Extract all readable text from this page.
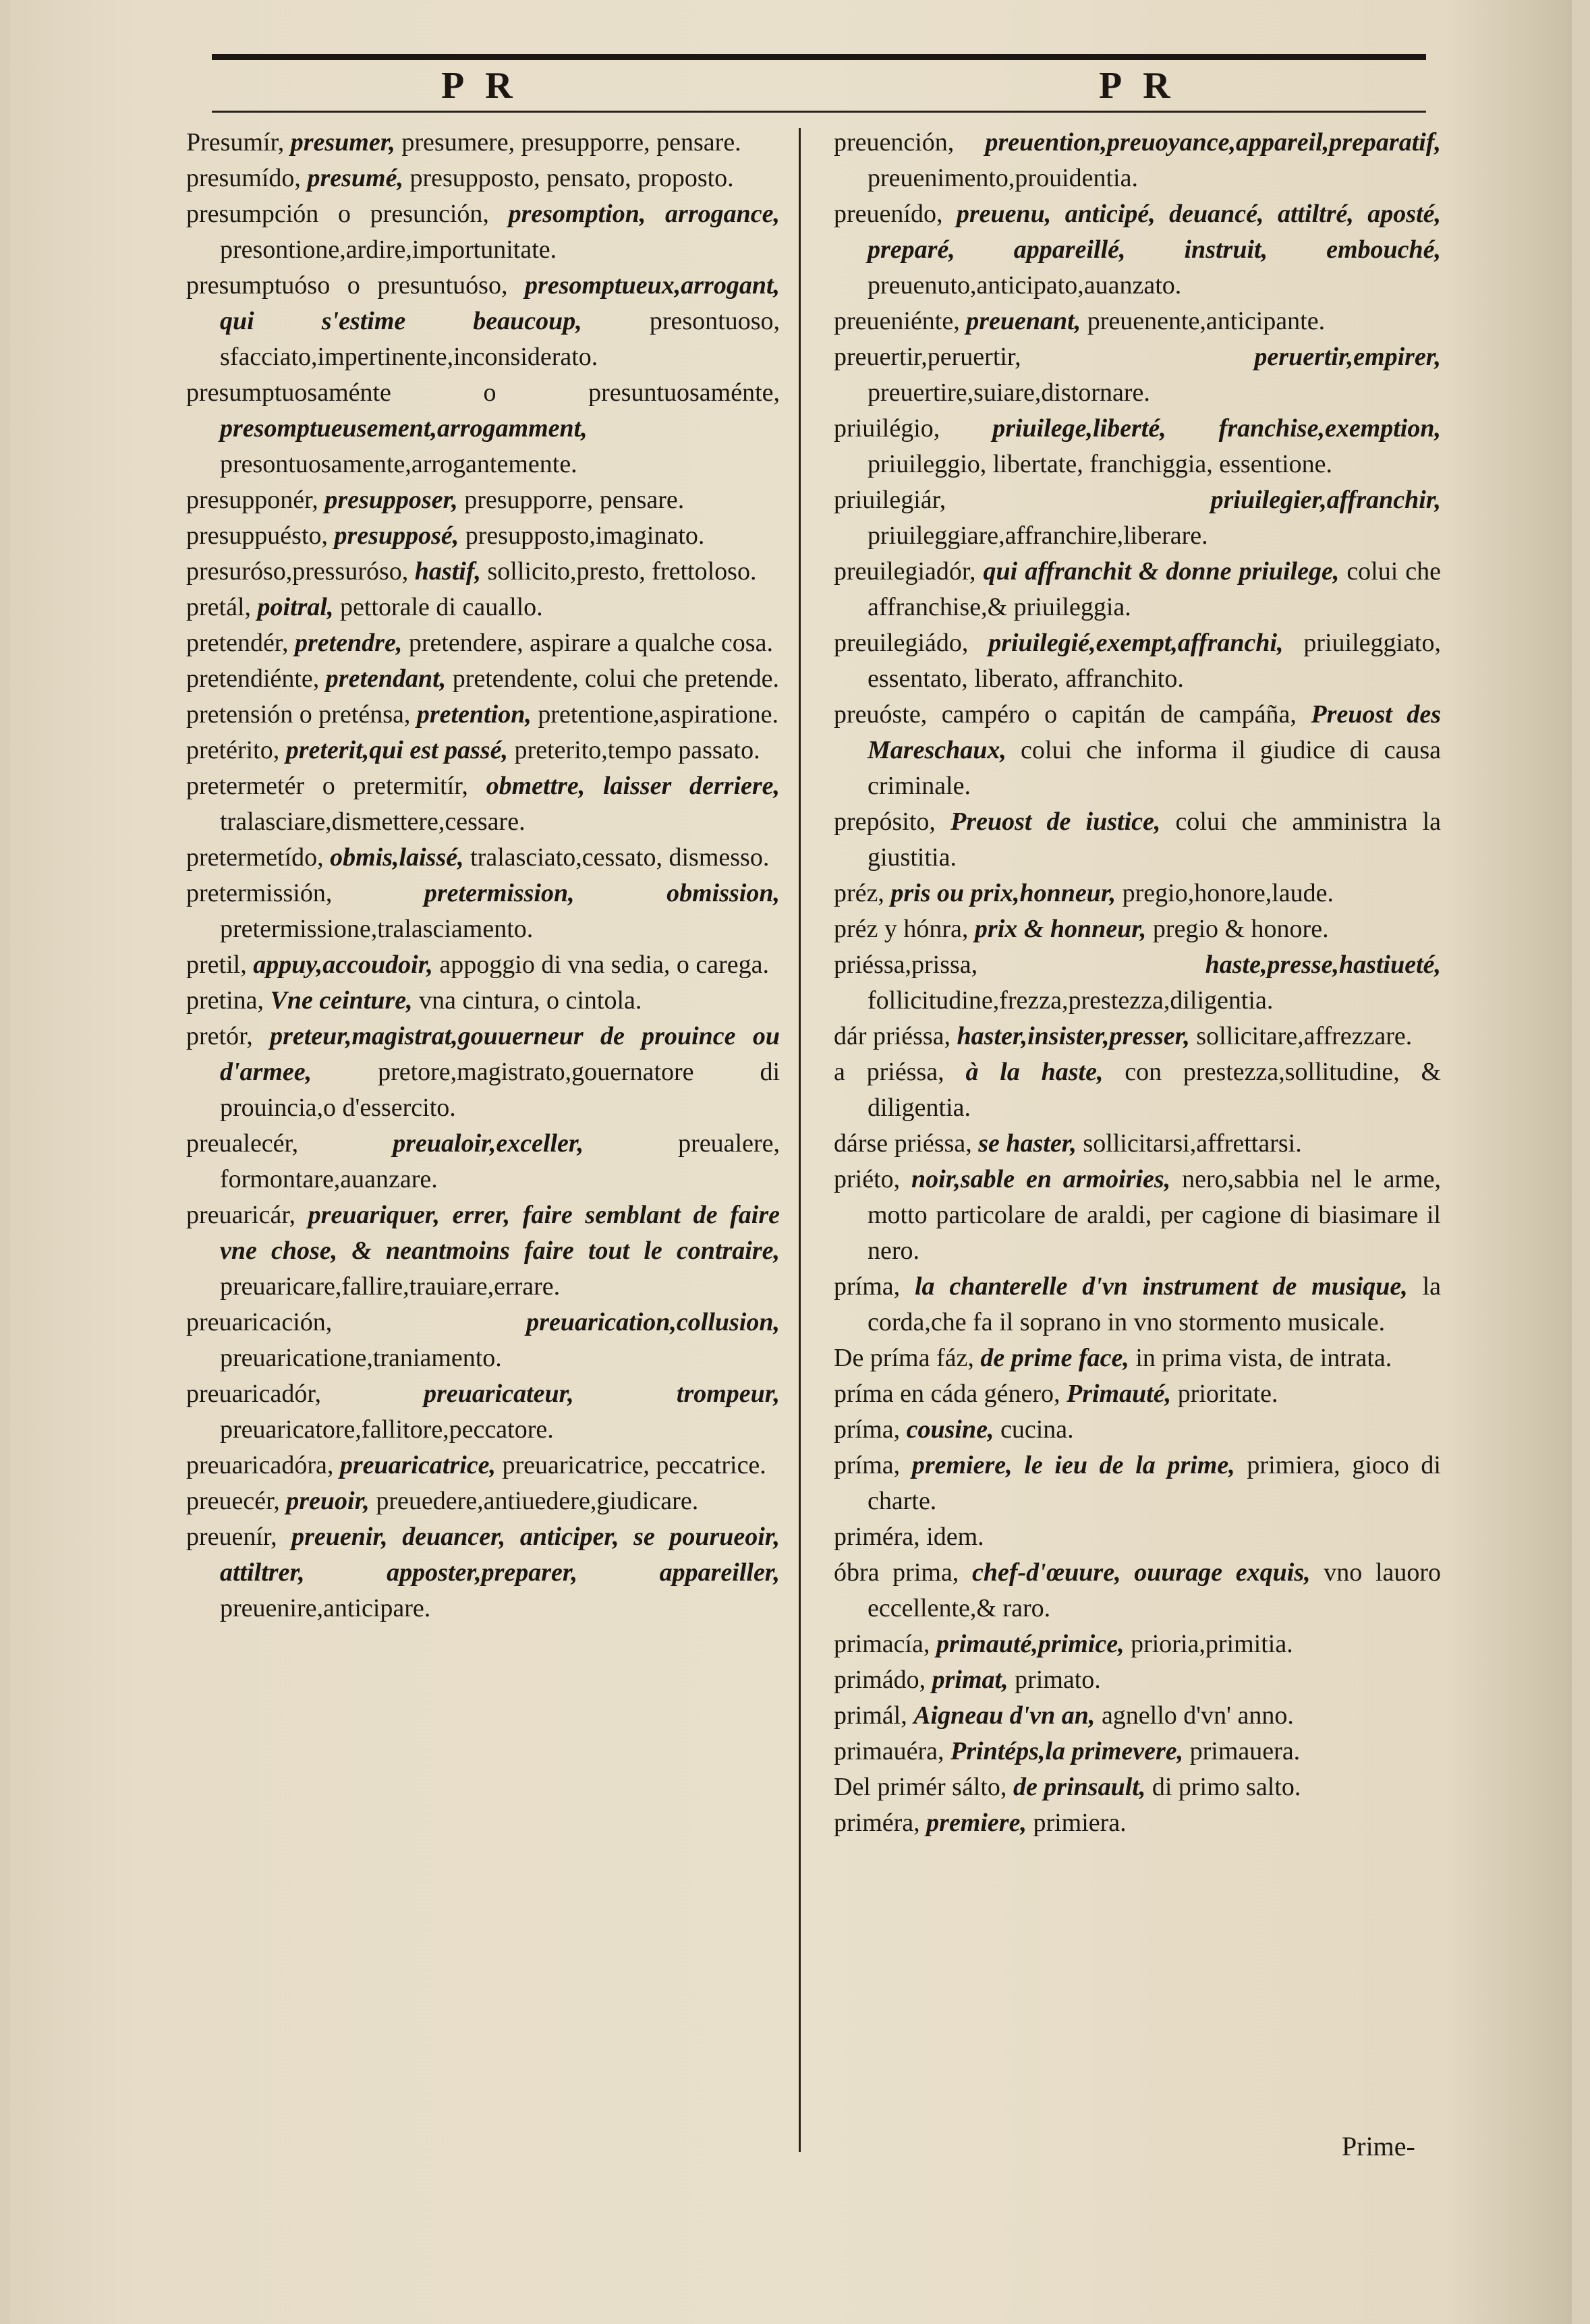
P R	P R

Presumír, presumer, presumere, presupporre, pensare.

presumído, presumé, presupposto, pensato, proposto.

presumpción o presunción, presomption, arrogance, presontione,ardire,importunitate.

presumptuóso o presuntuóso, presomptueux,arrogant, qui s'estime beaucoup,	presontuoso, sfacciato,impertinente,inconsiderato.

presumptuosaménte o presuntuosaménte, presomptueusement,arrogamment, presontuosamente,arrogantemente.

presupponér, presupposer, presupporre, pensare.

presuppuésto, presupposé, presupposto,imaginato.

presuróso,pressuróso, hastif, sollicito,presto, frettoloso.

pretál, poitral, pettorale di cauallo.

pretendér, pretendre, pretendere, aspirare a qualche cosa.

pretendiénte, pretendant, pretendente, colui che pretende.

pretensión o preténsa, pretention, pretentione,aspiratione.

pretérito, preterit,qui est passé, preterito,tempo passato.

pretermetér o pretermitír, obmettre, laisser derriere, tralasciare,dismettere,cessare.

pretermetído, obmis,laissé, tralasciato,cessato, dismesso.

pretermissión,	pretermission, obmission, pretermissione,tralasciamento.

pretil, appuy,accoudoir, appoggio di vna sedia, o carega.

pretina, Vne ceinture, vna cintura, o cintola.

pretór, preteur,magistrat,gouuerneur de prouince ou d'armee,	pretore,magistrato,gouernatore di prouincia,o d'essercito.

preualecér,	preualoir,exceller,	preualere, formontare,auanzare.

preuaricár, preuariquer, errer, faire semblant de faire vne chose, & neantmoins faire tout le contraire, preuaricare,fallire,trauiare,errare.

preuaricación,	preuarication,collusion, preuaricatione,traniamento.

preuaricadór,	preuaricateur, trompeur, preuaricatore,fallitore,peccatore.

preuaricadóra, preuaricatrice, preuaricatrice, peccatrice.

preuecér, preuoir, preuedere,antiuedere,giudicare.

preuenír, preuenir, deuancer, anticiper, se pourueoir, attiltrer, apposter,preparer, appareiller, preuenire,anticipare.

preuención, preuention,preuoyance,appareil,preparatif, preuenimento,prouidentia.

preuenído, preuenu, anticipé, deuancé, attiltré, aposté, preparé, appareillé, instruit, embouché, preuenuto,anticipato,auanzato.

preueniénte, preuenant, preuenente,anticipante.

preuertir,peruertir,	peruertir,empirer, preuertire,suiare,distornare.

priuilégio, priuilege,liberté, franchise,exemption, priuileggio, libertate, franchiggia, essentione.

priuilegiár,	priuilegier,affranchir, priuileggiare,affranchire,liberare.

preuilegiadór, qui affranchit & donne priuilege, colui che affranchise,& priuileggia.

preuilegiádo, priuilegié,exempt,affranchi, priuileggiato, essentato, liberato, affranchito.

preuóste, campéro o capitán de campáña, Preuost des Mareschaux, colui che informa il giudice di causa criminale.

prepósito, Preuost de iustice, colui che amministra la giustitia.

préz, pris ou prix,honneur, pregio,honore,laude.

préz y hónra, prix & honneur, pregio & honore.

priéssa,prissa,	haste,presse,hastiueté, follicitudine,frezza,prestezza,diligentia.

dár priéssa, haster,insister,presser, sollicitare,affrezzare.

a priéssa, à la haste, con prestezza,sollitudine, & diligentia.

dárse priéssa, se haster, sollicitarsi,affrettarsi.

priéto, noir,sable en armoiries, nero,sabbia nel le arme, motto particolare de araldi, per cagione di biasimare il nero.

príma, la chanterelle d'vn instrument de musique, la corda,che fa il soprano in vno stormento musicale.

De príma fáz, de prime face, in prima vista, de intrata.

príma en cáda género, Primauté, prioritate.

príma, cousine, cucina.

príma, premiere, le ieu de la prime, primiera, gioco di charte.

priméra, idem.

óbra prima, chef-d'œuure, ouurage exquis, vno lauoro eccellente,& raro.

primacía, primauté,primice, prioria,primitia.

primádo, primat, primato.

primál, Aigneau d'vn an, agnello d'vn' anno.

primauéra, Printéps,la primevere, primauera.

Del primér sálto, de prinsault, di primo salto.

priméra, premiere, primiera.

Prime-
